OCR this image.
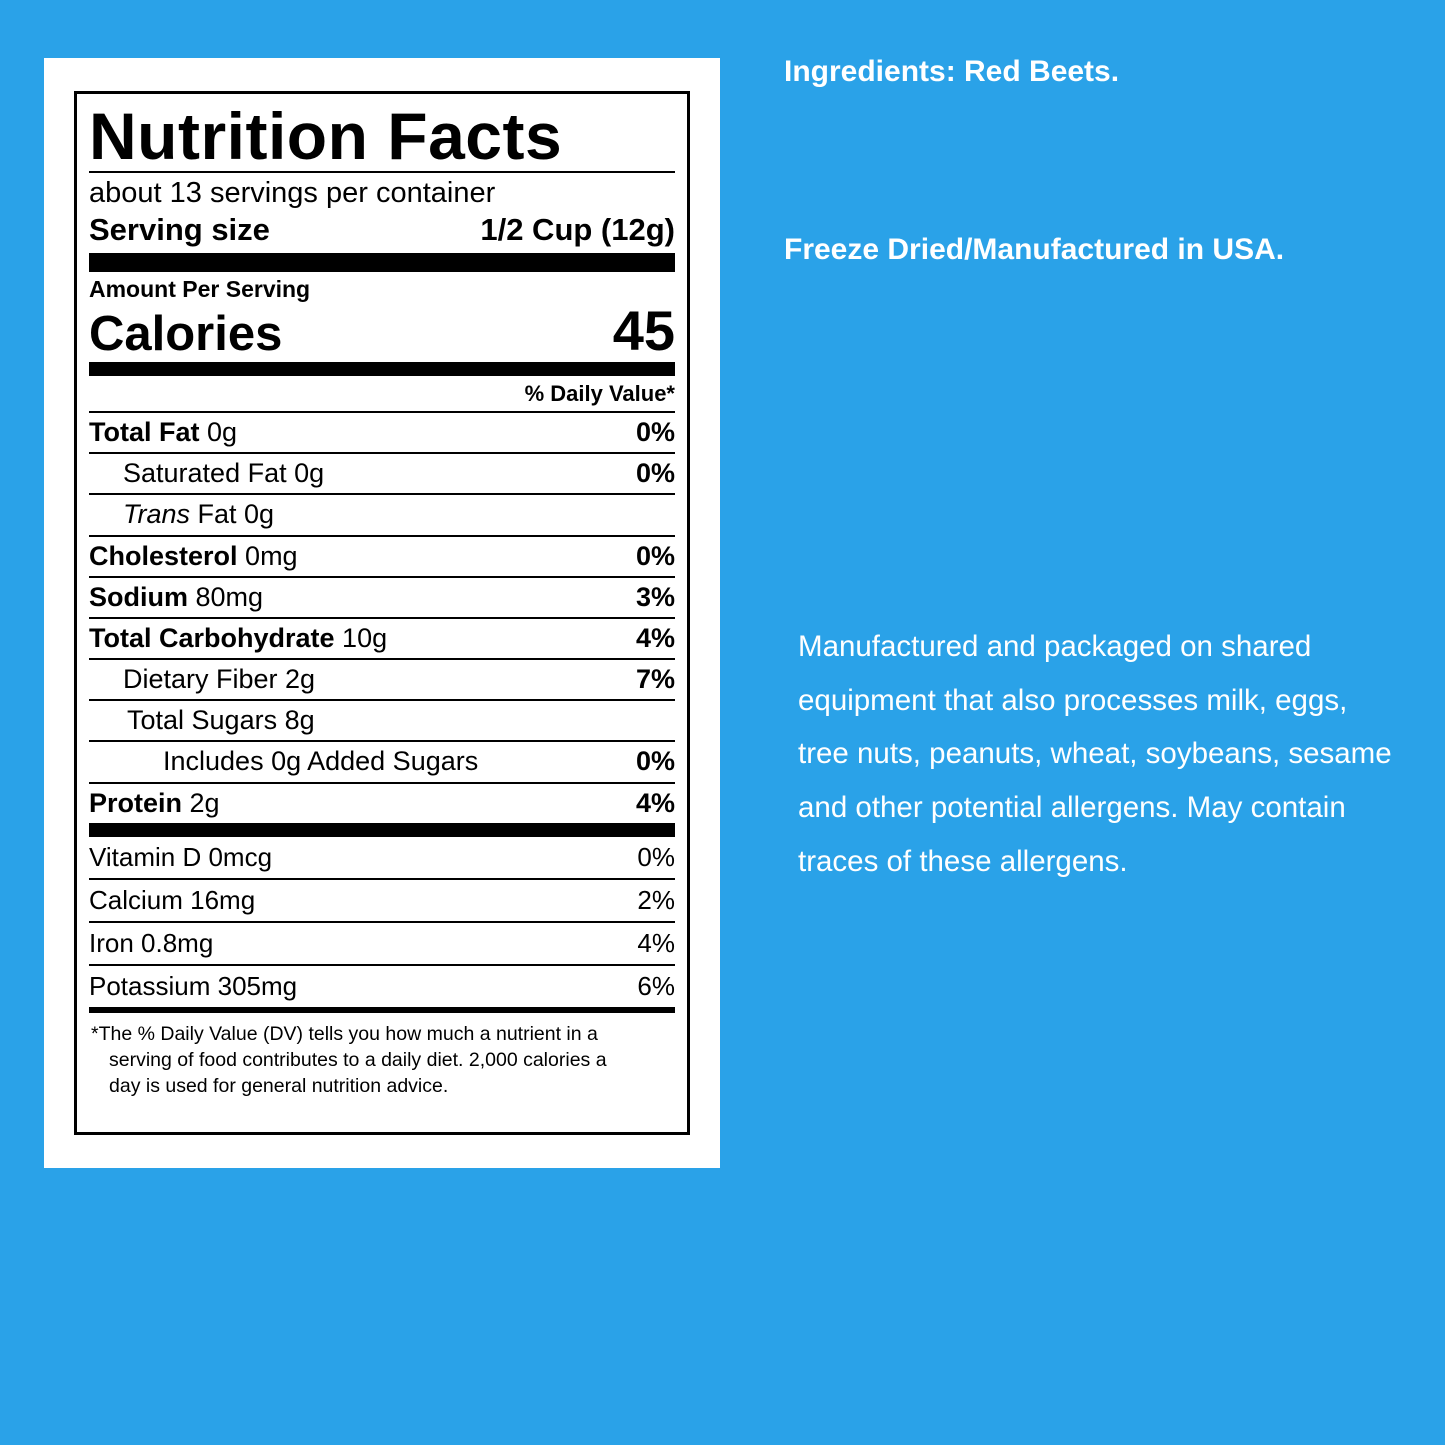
Nutrition Facts
about 13 servings per container
Serving size	1/2 Cup (12g)
Amount Per Serving
Calories	45
% Daily Value*
Total Fat 0g	0%
Saturated Fat 0g	0%
Trans Fat 0g
Cholesterol 0mg	0%
Sodium 80mg	3%
Total Carbohydrate 10g	4%
Dietary Fiber 2g	7%
Total Sugars 8g
Includes 0g Added Sugars	0%
Protein 2g	4%
Vitamin D 0mcg	0%
Calcium 16mg	2%
Iron 0.8mg	4%
Potassium 305mg	6%

*The % Daily Value (DV) tells you how much a nutrient in a

serving of food contributes to a daily diet. 2,000 calories a

day is used for general nutrition advice.

Ingredients: Red Beets.

Freeze Dried/Manufactured in USA.

Manufactured and packaged on shared equipment that also processes milk, eggs, tree nuts, peanuts, wheat, soybeans, sesame and other potential allergens. May contain traces of these allergens.
